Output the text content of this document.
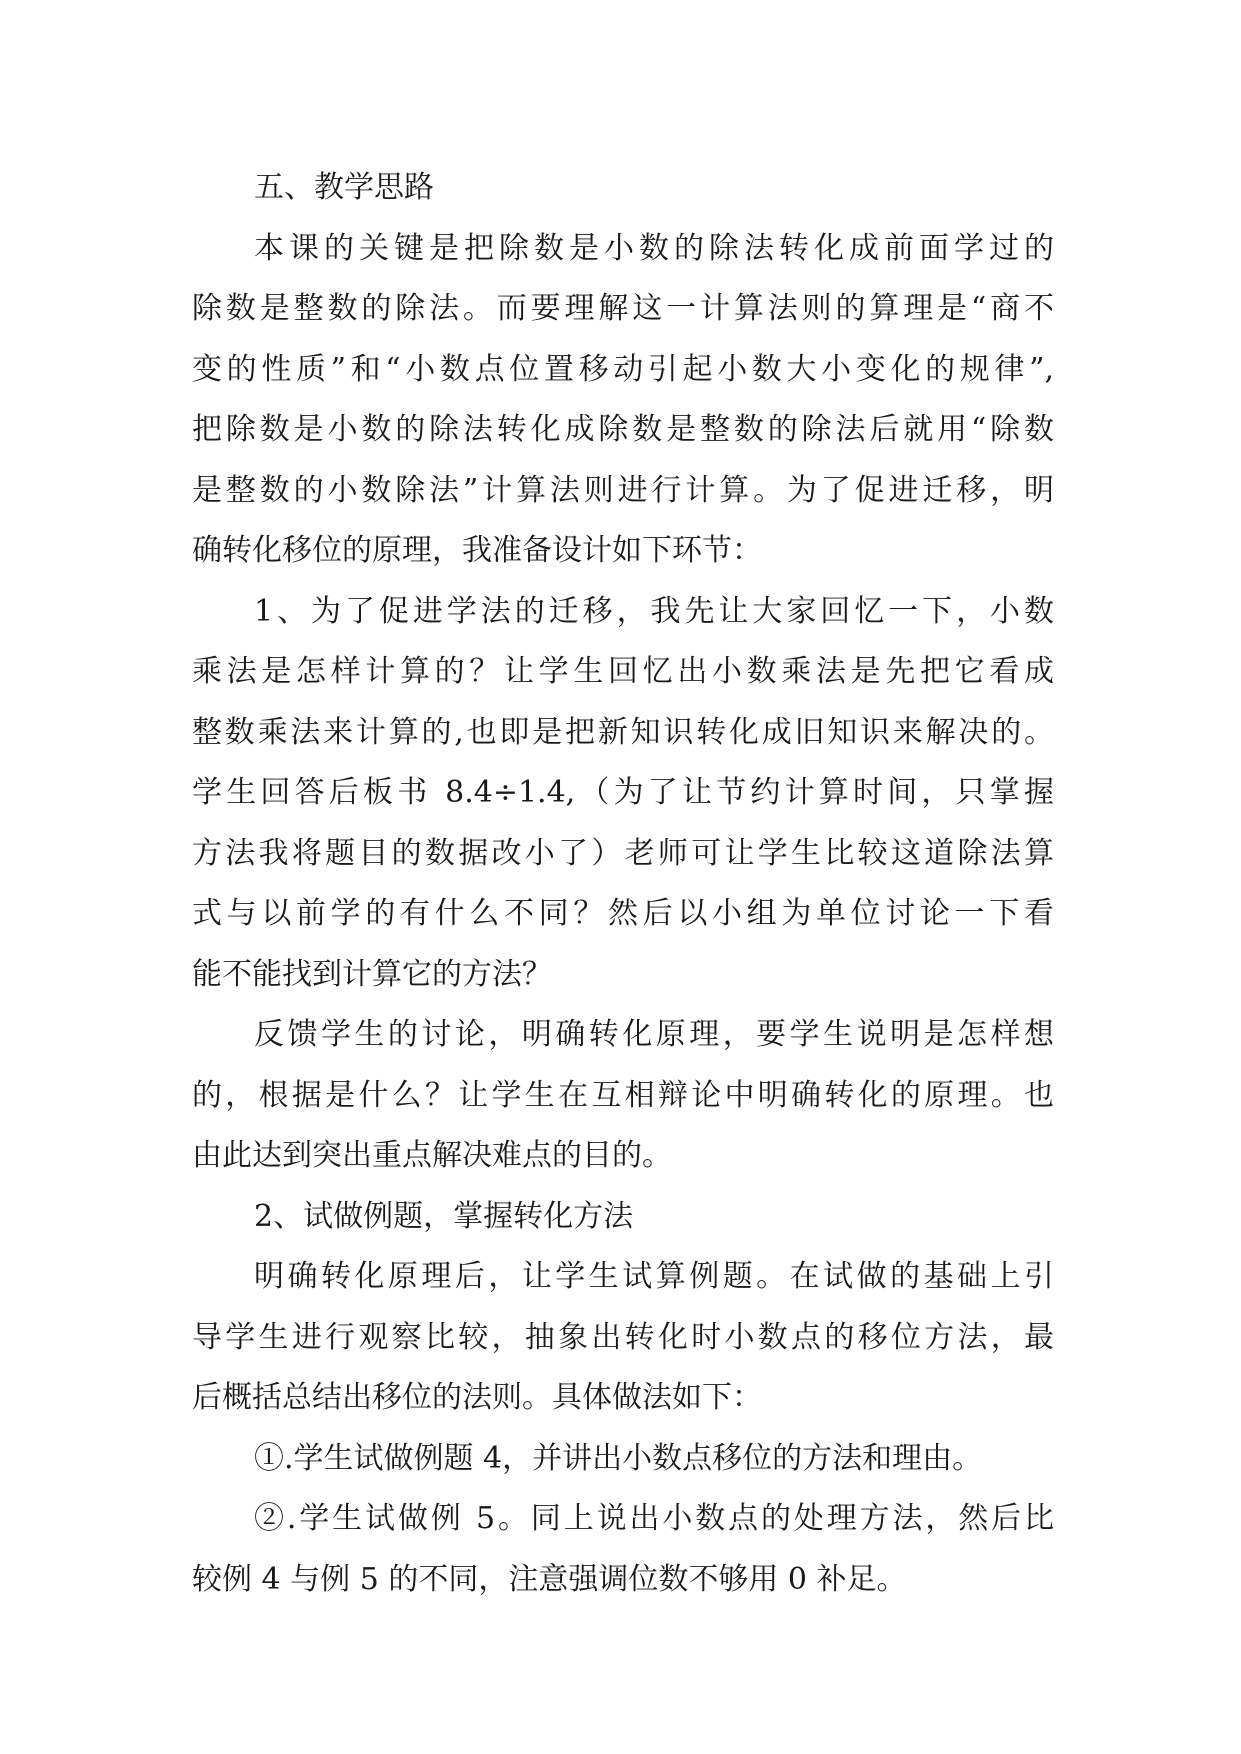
五、教学思路
本课的关键是把除数是小数的除法转化成前面学过的
除数是整数的除法。而要理解这一计算法则的算理是“商不
变的性质”和“小数点位置移动引起小数大小变化的规律”,
把除数是小数的除法转化成除数是整数的除法后就用“除数
是整数的小数除法”计算法则进行计算。为了促进迁移，明
确转化移位的原理，我准备设计如下环节：
1、为了促进学法的迁移，我先让大家回忆一下，小数
乘法是怎样计算的？让学生回忆出小数乘法是先把它看成
整数乘法来计算的,也即是把新知识转化成旧知识来解决的。
学生回答后板书 8.4÷1.4,（为了让节约计算时间，只掌握
方法我将题目的数据改小了）老师可让学生比较这道除法算
式与以前学的有什么不同？然后以小组为单位讨论一下看
能不能找到计算它的方法？
反馈学生的讨论，明确转化原理，要学生说明是怎样想
的，根据是什么？让学生在互相辩论中明确转化的原理。也
由此达到突出重点解决难点的目的。
2、试做例题，掌握转化方法
明确转化原理后，让学生试算例题。在试做的基础上引
导学生进行观察比较，抽象出转化时小数点的移位方法，最
后概括总结出移位的法则。具体做法如下：
①.学生试做例题 4，并讲出小数点移位的方法和理由。
②.学生试做例 5。同上说出小数点的处理方法，然后比
较例 4 与例 5 的不同，注意强调位数不够用 0 补足。
